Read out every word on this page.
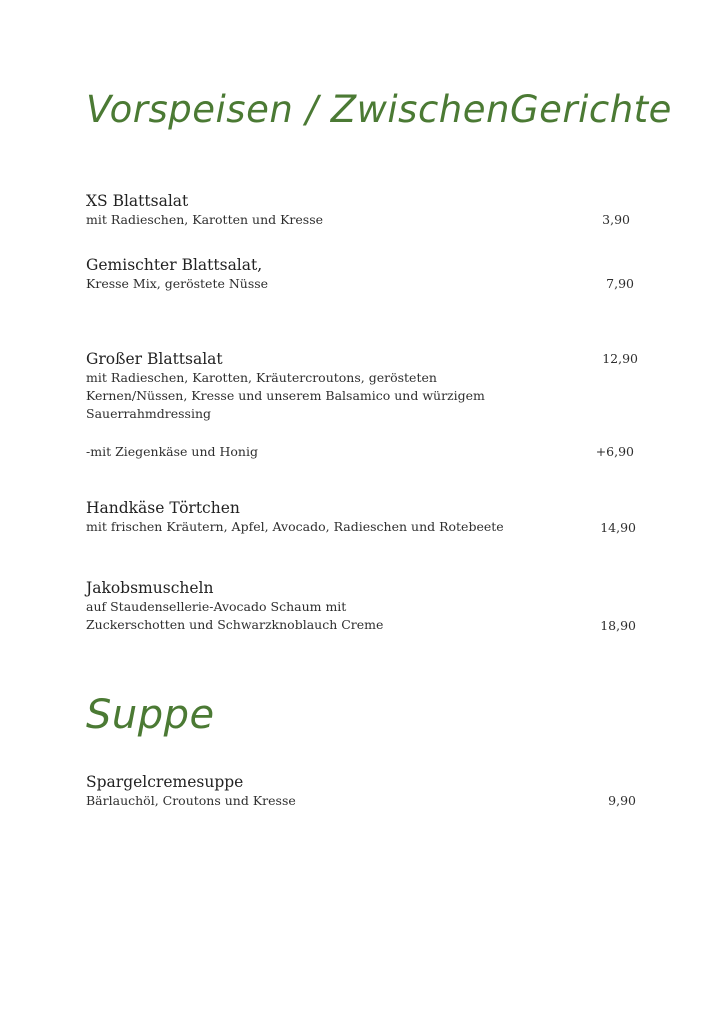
Vorspeisen / ZwischenGerichte
XS Blattsalat
mit Radieschen, Karotten und Kresse	3,90
Gemischter Blattsalat,
Kresse Mix, geröstete Nüsse	7,90
Großer Blattsalat	12,90
mit Radieschen, Karotten, Kräutercroutons, gerösteten
Kernen/Nüssen, Kresse und unserem Balsamico und würzigem
Sauerrahmdressing
-mit Ziegenkäse und Honig	+6,90
Handkäse Törtchen
mit frischen Kräutern, Apfel, Avocado, Radieschen und Rotebeete	14,90
Jakobsmuscheln
auf Staudensellerie-Avocado Schaum mit
Zuckerschotten und Schwarzknoblauch Creme	18,90
Suppe
Spargelcremesuppe
Bärlauchöl, Croutons und Kresse	9,90
